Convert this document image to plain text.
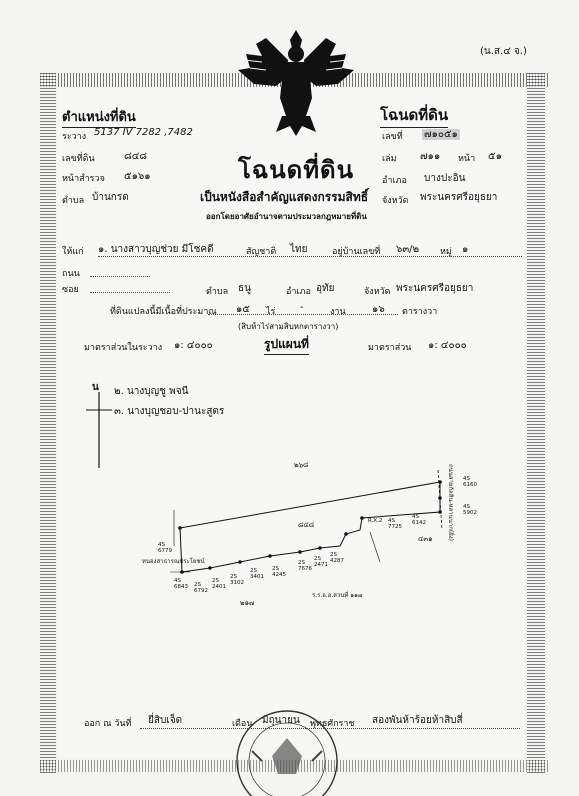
(น.ส.๔ จ.)
ตำแหน่งที่ดิน	โฉนดที่ดิน
ระวาง 5137 IV 7282 ,7482
เลขที่ดิน	๘๔๘
หน้าสำรวจ ๕๑๖๑
ตำบล บ้านกรด
เลขที่ ๗๑๐๕๑
เล่ม ๗๑๑ หน้า ๕๑
อำเภอ บางปะอิน
จังหวัด พระนครศรีอยุธยา
โฉนดที่ดิน
เป็นหนังสือสำคัญแสดงกรรมสิทธิ์
ออกโดยอาศัยอำนาจตามประมวลกฎหมายที่ดิน
ให้แก่ ๑. นางสาวบุญช่วย มีโชคดี	สัญชาติ ไทย	อยู่บ้านเลขที่ ๖๓/๒ หมู่ ๑
ถนน
ซอย	ตำบล ธนู	อำเภอ อุทัย	จังหวัด พระนครศรีอยุธยา
ที่ดินแปลงนี้มีเนื้อที่ประมาณ ๑๕ ไร่ -	งาน	๑๖ ตารางวา
(สิบห้าไร่สามสิบหกตารางวา)
มาตราส่วนในระวาง ๑: ๔๐๐๐	รูปแผนที่	มาตราส่วน ๑: ๔๐๐๐
น ๒. นางบุญชู พจนี
๓. นางบุญชอบ-ปานะสูตร
๒๖๘
๘๔๘
๒๑๗
๔๓๑
หนองสาธารณประโยชน์
ถนนสายกัลลิน-หลานนาก(ฝั่ง)
ร.ร.อ.อ.สวนที่ ๑๑๗
4S 6160
4S 5902
4S 6142
4S 7725
R.X.2
4S 6779
4S 6843	2S 6792
2S 2401
2S 3102
2S 3401
2S 4245
2S 7676
2S 2471
2S 4287
ออก ณ วันที่ ยี่สิบเจ็ด	เดือน มิถุนายน พุทธศักราช สองพันห้าร้อยห้าสิบสี่
